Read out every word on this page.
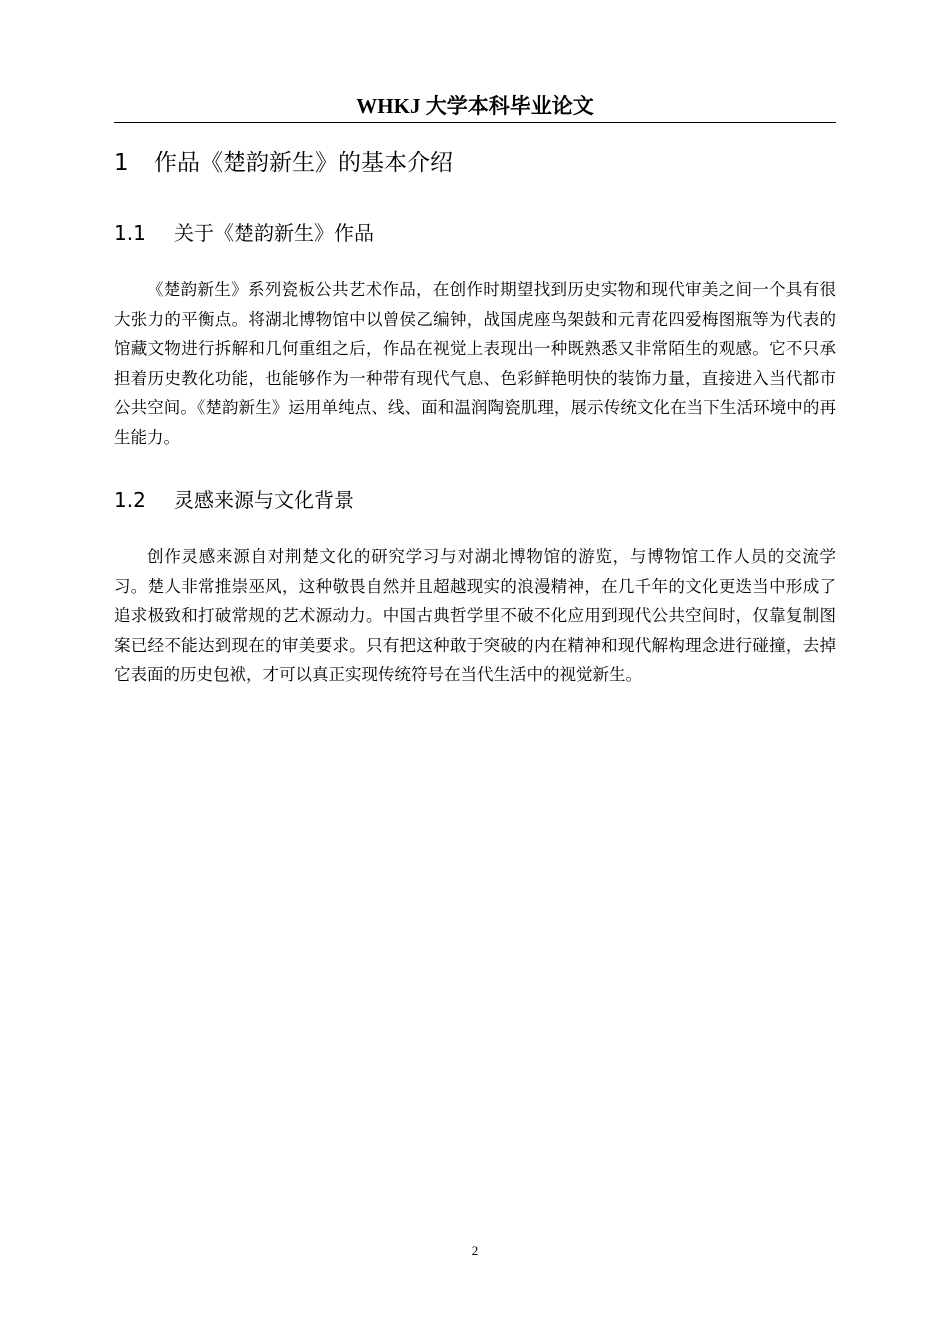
WHKJ 大学本科毕业论文
1 作品《楚韵新生》的基本介绍
1.1 关于《楚韵新生》作品

《楚韵新生》系列瓷板公共艺术作品，在创作时期望找到历史实物和现代审美之间一个具有很大张力的平衡点。将湖北博物馆中以曾侯乙编钟，战国虎座鸟架鼓和元青花四爱梅图瓶等为代表的馆藏文物进行拆解和几何重组之后，作品在视觉上表现出一种既熟悉又非常陌生的观感。它不只承担着历史教化功能，也能够作为一种带有现代气息、色彩鲜艳明快的装饰力量，直接进入当代都市公共空间。《楚韵新生》运用单纯点、线、面和温润陶瓷肌理，展示传统文化在当下生活环境中的再生能力。

1.2 灵感来源与文化背景

创作灵感来源自对荆楚文化的研究学习与对湖北博物馆的游览，与博物馆工作人员的交流学习。楚人非常推崇巫风，这种敬畏自然并且超越现实的浪漫精神，在几千年的文化更迭当中形成了追求极致和打破常规的艺术源动力。中国古典哲学里不破不化应用到现代公共空间时，仅靠复制图案已经不能达到现在的审美要求。只有把这种敢于突破的内在精神和现代解构理念进行碰撞，去掉它表面的历史包袱，才可以真正实现传统符号在当代生活中的视觉新生。

2
